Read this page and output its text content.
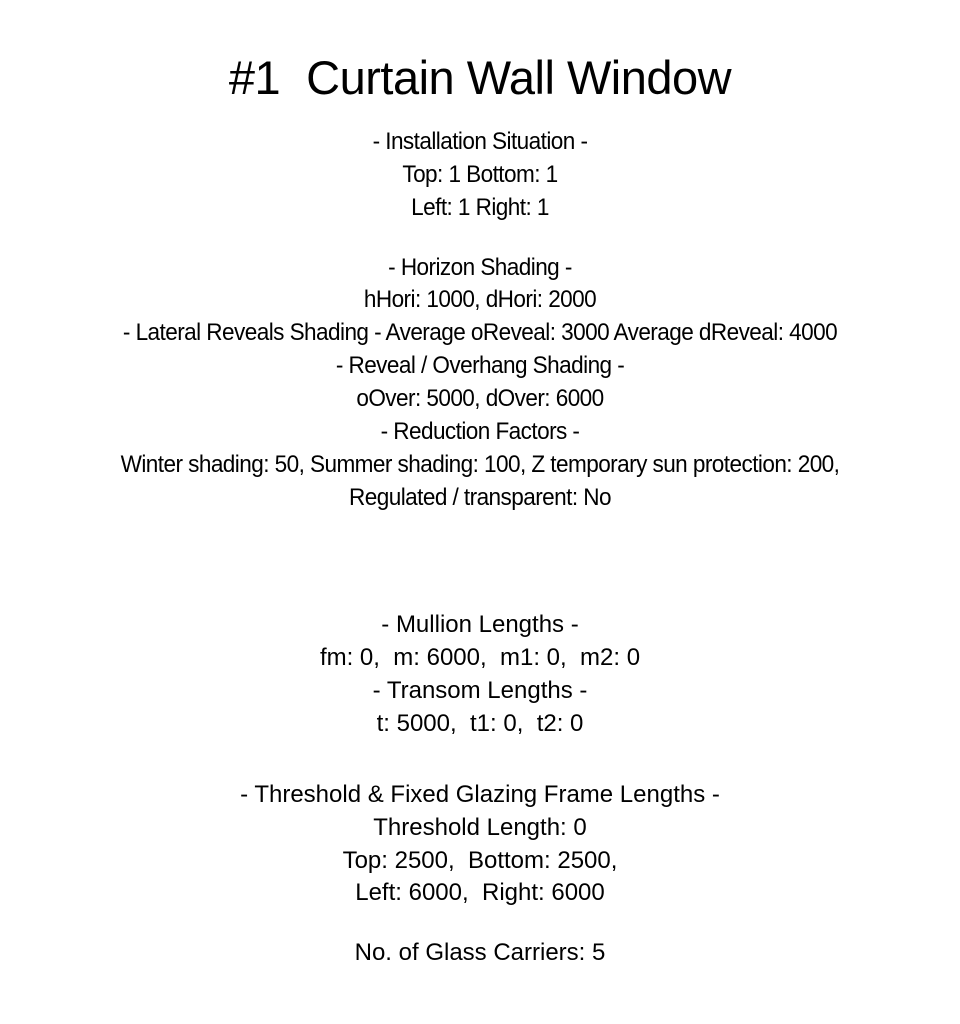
#1 Curtain Wall Window
- Installation Situation -
Top: 1 Bottom: 1
Left: 1 Right: 1
- Horizon Shading -
hHori: 1000, dHori: 2000
- Lateral Reveals Shading - Average oReveal: 3000 Average dReveal: 4000
- Reveal / Overhang Shading -
oOver: 5000, dOver: 6000
- Reduction Factors -
Winter shading: 50, Summer shading: 100, Z temporary sun protection: 200,
Regulated / transparent: No
- Mullion Lengths -
fm: 0,  m: 6000,  m1: 0,  m2: 0
- Transom Lengths -
t: 5000,  t1: 0,  t2: 0
- Threshold & Fixed Glazing Frame Lengths -
Threshold Length: 0
Top: 2500,  Bottom: 2500,
Left: 6000,  Right: 6000
No. of Glass Carriers: 5
